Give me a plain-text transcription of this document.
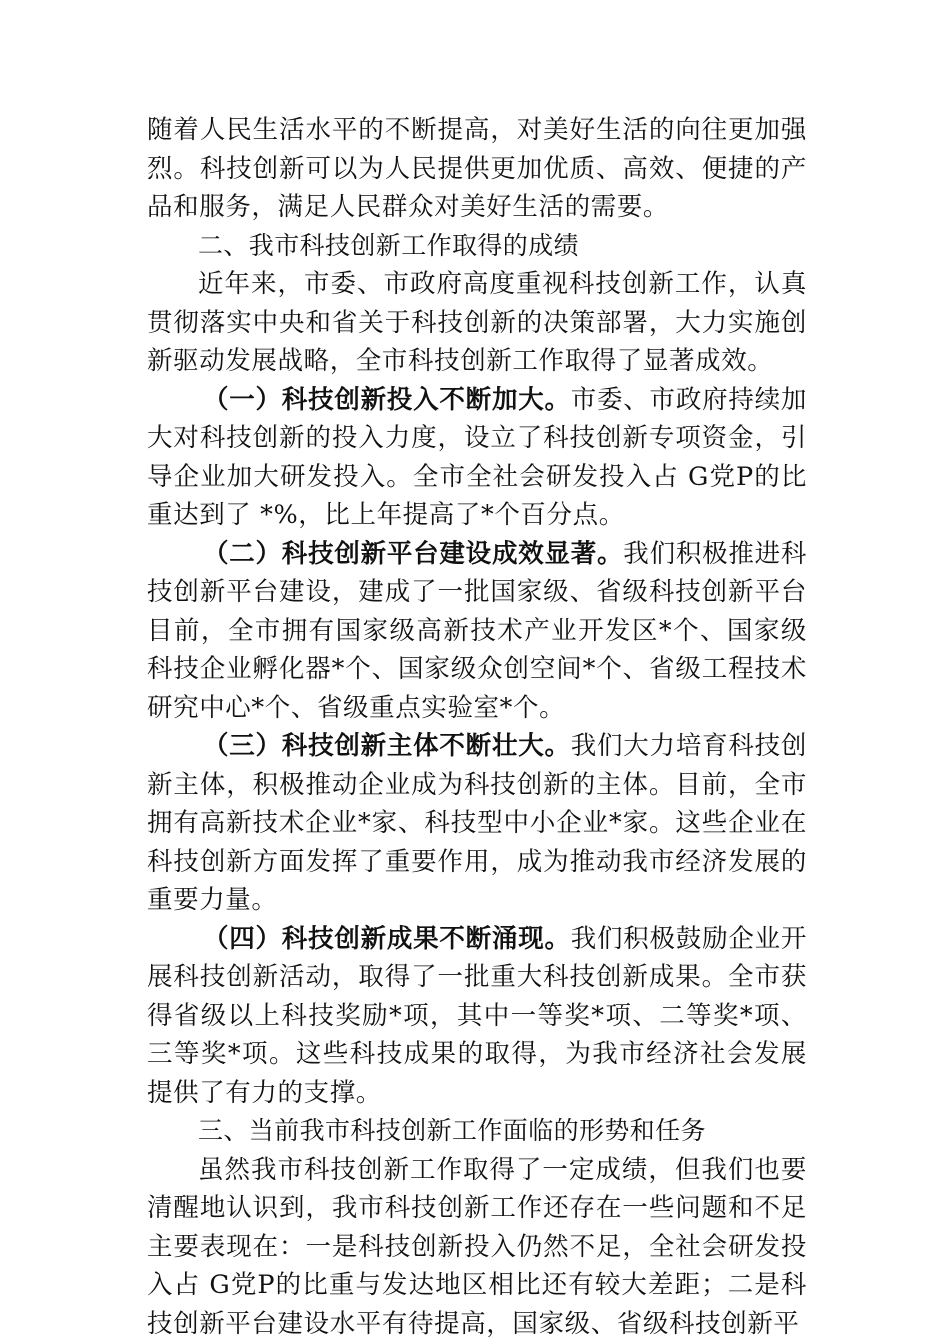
随着人民生活水平的不断提高，对美好生活的向往更加强烈。科技创新可以为人民提供更加优质、高效、便捷的产品和服务，满足人民群众对美好生活的需要。

二、我市科技创新工作取得的成绩

近年来，市委、市政府高度重视科技创新工作，认真贯彻落实中央和省关于科技创新的决策部署，大力实施创新驱动发展战略，全市科技创新工作取得了显著成效。

（一）科技创新投入不断加大。市委、市政府持续加大对科技创新的投入力度，设立了科技创新专项资金，引导企业加大研发投入。全市全社会研发投入占 G党P的比重达到了 *%，比上年提高了*个百分点。

（二）科技创新平台建设成效显著。我们积极推进科技创新平台建设，建成了一批国家级、省级科技创新平台目前，全市拥有国家级高新技术产业开发区*个、国家级科技企业孵化器*个、国家级众创空间*个、省级工程技术研究中心*个、省级重点实验室*个。

（三）科技创新主体不断壮大。我们大力培育科技创新主体，积极推动企业成为科技创新的主体。目前，全市拥有高新技术企业*家、科技型中小企业*家。这些企业在科技创新方面发挥了重要作用，成为推动我市经济发展的重要力量。

（四）科技创新成果不断涌现。我们积极鼓励企业开展科技创新活动，取得了一批重大科技创新成果。全市获得省级以上科技奖励*项，其中一等奖*项、二等奖*项、三等奖*项。这些科技成果的取得，为我市经济社会发展提供了有力的支撑。

三、当前我市科技创新工作面临的形势和任务

虽然我市科技创新工作取得了一定成绩，但我们也要清醒地认识到，我市科技创新工作还存在一些问题和不足主要表现在：一是科技创新投入仍然不足，全社会研发投入占 G党P的比重与发达地区相比还有较大差距；二是科技创新平台建设水平有待提高，国家级、省级科技创新平
